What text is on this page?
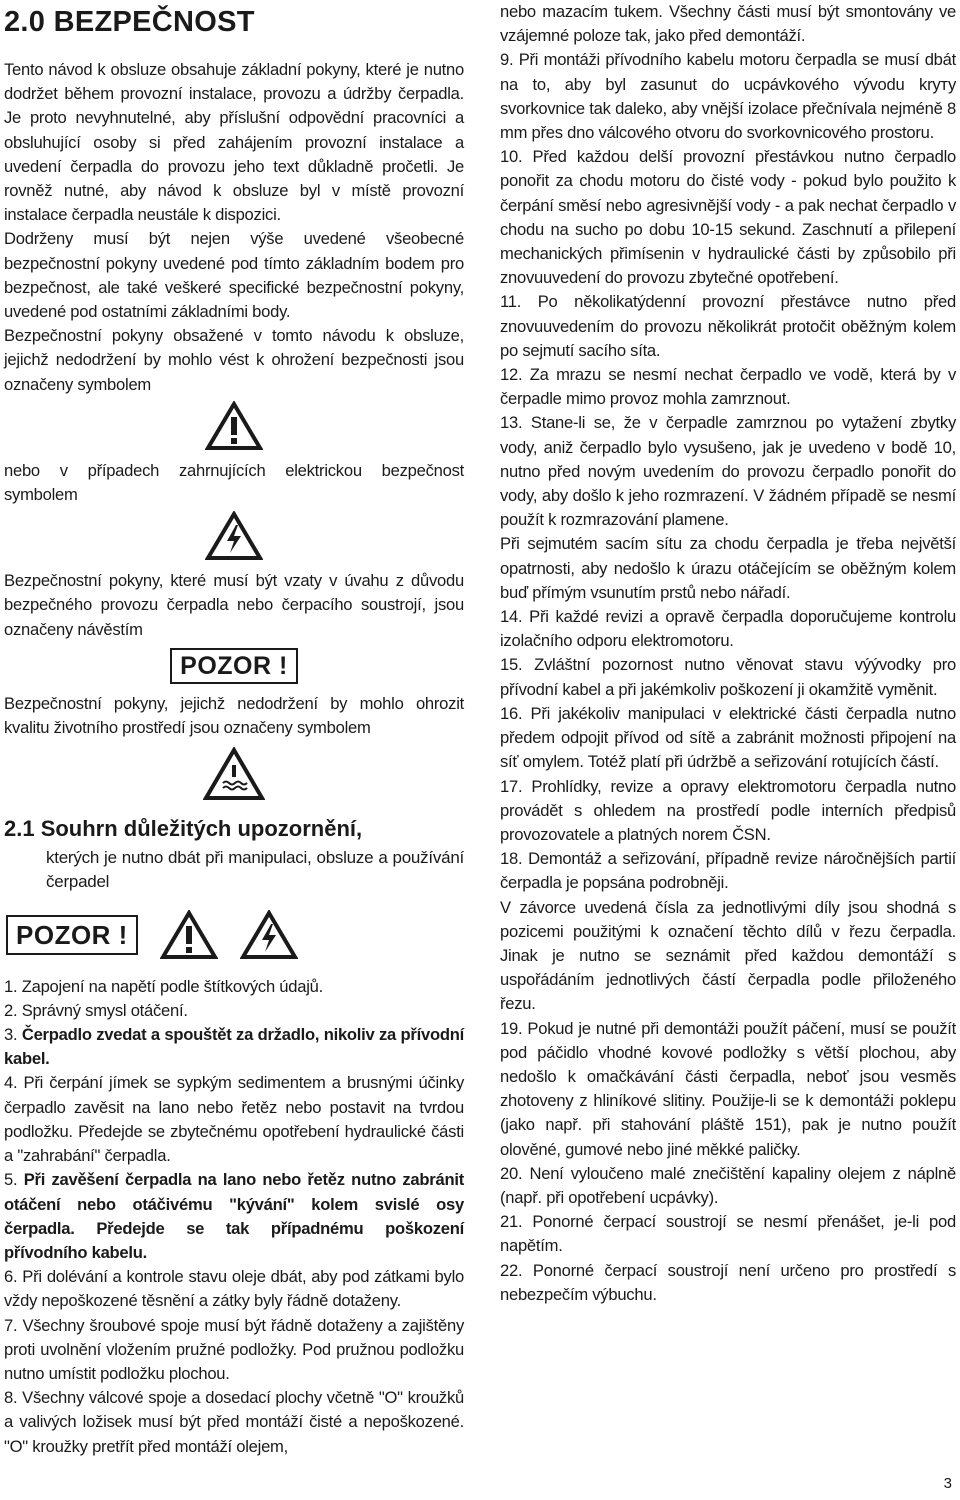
2.0 BEZPEČNOST

Tento návod k obsluze obsahuje základní pokyny, které je nutno dodržet během provozní instalace, provozu a údržby čerpadla. Je proto nevyhnutelné, aby příslušní odpovědní pracovníci a obsluhující osoby si před zahájením provozní instalace a uvedení čerpadla do provozu jeho text důkladně pročetli. Je rovněž nutné, aby návod k obsluze byl v místě provozní instalace čerpadla neustále k dispozici.

Dodrženy musí být nejen výše uvedené všeobecné bezpečnostní pokyny uvedené pod tímto základním bodem pro bezpečnost, ale také veškeré specifické bezpečnostní pokyny, uvedené pod ostatními základními body.

Bezpečnostní pokyny obsažené v tomto návodu k obsluze, jejichž nedodržení by mohlo vést k ohrožení bezpečnosti jsou označeny symbolem

nebo v případech zahrnujících elektrickou bezpečnost symbolem

Bezpečnostní pokyny, které musí být vzaty v úvahu z důvodu bezpečného provozu čerpadla nebo čerpacího soustrojí, jsou označeny návěstím

POZOR !

Bezpečnostní pokyny, jejichž nedodržení by mohlo ohrozit kvalitu životního prostředí jsou označeny symbolem

2.1 Souhrn důležitých upozornění,

kterých je nutno dbát při manipulaci, obsluze a používání čerpadel

POZOR !

1. Zapojení na napětí podle štítkových údajů.

2. Správný smysl otáčení.

3. Čerpadlo zvedat a spouštět za držadlo, nikoliv za přívodní kabel.

4. Při čerpání jímek se sypkým sedimentem a brusnými účinky čerpadlo zavěsit na lano nebo řetěz nebo postavit na tvrdou podložku. Předejde se zbytečnému opotřebení hydraulické části a "zahrabání" čerpadla.

5. Při zavěšení čerpadla na lano nebo řetěz nutno zabránit otáčení nebo otáčivému "kývání" kolem svislé osy čerpadla. Předejde se tak případnému poškození přívodního kabelu.

6. Při dolévání a kontrole stavu oleje dbát, aby pod zátkami bylo vždy nepoškozené těsnění a zátky byly řádně dotaženy.

7. Všechny šroubové spoje musí být řádně dotaženy a zajištěny proti uvolnění vložením pružné podložky. Pod pružnou podložku nutno umístit podložku plochou.

8. Všechny válcové spoje a dosedací plochy včetně "O" kroužků a valivých ložisek musí být před montáží čisté a nepoškozené. "O" kroužky pretřít před montáží olejem,

nebo mazacím tukem. Všechny části musí být smontovány ve vzájemné poloze tak, jako před demontáží.

9. Při montáži přívodního kabelu motoru čerpadla se musí dbát na to, aby byl zasunut do ucpávkového vývodu kryту svorkovnice tak daleko, aby vnější izolace přečnívala nejméně 8 mm přes dno válcového otvoru do svorkovnicového prostoru.

10. Před každou delší provozní přestávkou nutno čerpadlo ponořit za chodu motoru do čisté vody - pokud bylo použito k čerpání směsí nebo agresivnější vody - a pak nechat čerpadlo v chodu na sucho po dobu 10-15 sekund. Zaschnutí a přilepení mechanických přimísenin v hydraulické části by způsobilo při znovuuvedení do provozu zbytečné opotřebení.

11. Po několikatýdenní provozní přestávce nutno před znovuuvedením do provozu několikrát protočit oběžným kolem po sejmutí sacího síta.

12. Za mrazu se nesmí nechat čerpadlo ve vodě, která by v čerpadle mimo provoz mohla zamrznout.

13. Stane-li se, že v čerpadle zamrznou po vytažení zbytky vody, aniž čerpadlo bylo vysušeno, jak je uvedeno v bodě 10, nutno před novým uvedením do provozu čerpadlo ponořit do vody, aby došlo k jeho rozmrazení. V žádném případě se nesmí použít k rozmrazování plamene.

Při sejmutém sacím sítu za chodu čerpadla je třeba největší opatrnosti, aby nedošlo k úrazu otáčejícím se oběžným kolem buď přímým vsunutím prstů nebo nářadí.

14. Při každé revizi a opravě čerpadla doporučujeme kontrolu izolačního odporu elektromotoru.

15. Zvláštní pozornost nutno věnovat stavu výývodky pro přívodní kabel a při jakémkoliv poškození ji okamžitě vyměnit.

16. Při jakékoliv manipulaci v elektrické části čerpadla nutno předem odpojit přívod od sítě a zabránit možnosti připojení na síť omylem. Totéž platí při údržbě a seřizování rotujících částí.

17. Prohlídky, revize a opravy elektromotoru čerpadla nutno provádět s ohledem na prostředí podle interních předpisů provozovatele a platných norem ČSN.

18. Demontáž a seřizování, případně revize náročnějších partií čerpadla je popsána podrobněji.

V závorce uvedená čísla za jednotlivými díly jsou shodná s pozicemi použitými k označení těchto dílů v řezu čerpadla. Jinak je nutno se seznámit před každou demontáží s uspořádáním jednotlivých částí čerpadla podle přiloženého řezu.

19. Pokud je nutné při demontáži použít páčení, musí se použít pod páčidlo vhodné kovové podložky s větší plochou, aby nedošlo k omačkávání části čerpadla, neboť jsou vesměs zhotoveny z hliníkové slitiny. Použije-li se k demontáži poklepu (jako např. při stahování pláště 151), pak je nutno použít olověné, gumové nebo jiné měkké paličky.

20. Není vyloučeno malé znečištění kapaliny olejem z náplně (např. při opotřebení ucpávky).

21. Ponorné čerpací soustrojí se nesmí přenášet, je-li pod napětím.

22. Ponorné čerpací soustrojí není určeno pro prostředí s nebezpečím výbuchu.

3
